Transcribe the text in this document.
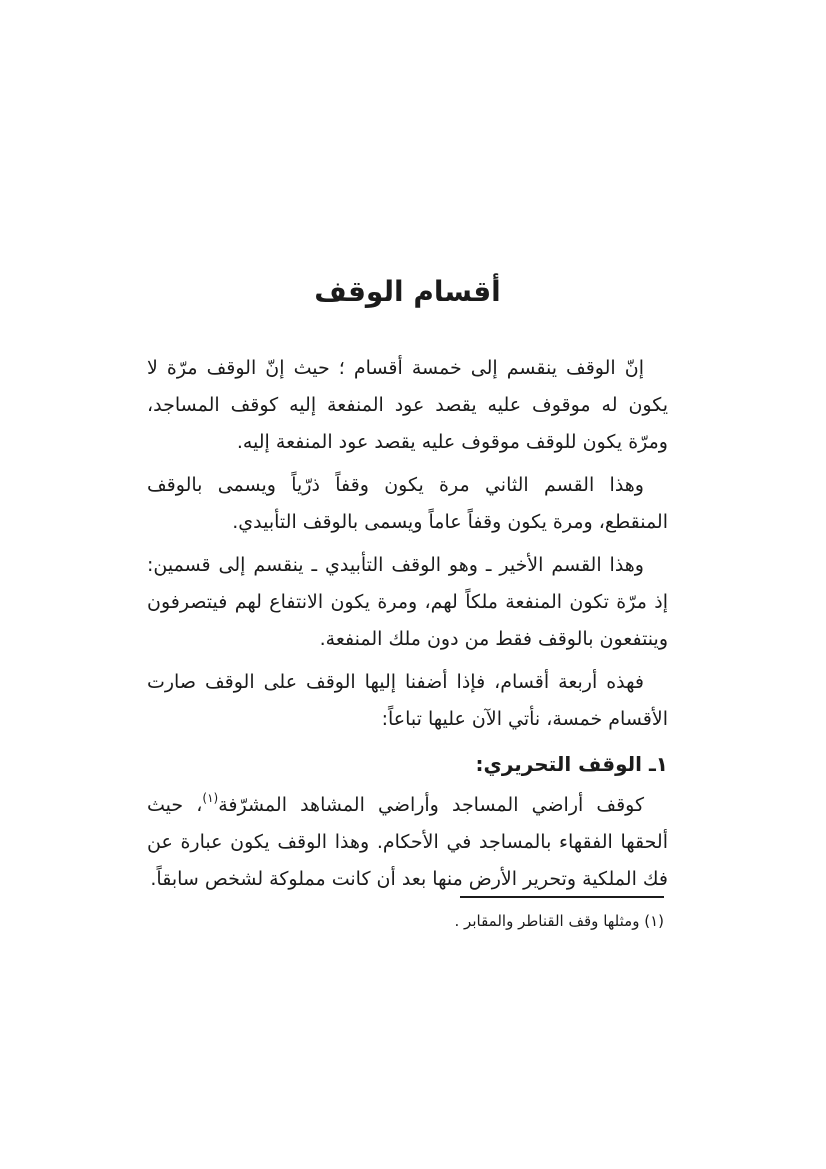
أقسام الوقف

إنّ الوقف ينقسم إلى خمسة أقسام ؛ حيث إنّ الوقف مرّة لا يكون له موقوف عليه يقصد عود المنفعة إليه كوقف المساجد، ومرّة يكون للوقف موقوف عليه يقصد عود المنفعة إليه.

وهذا القسم الثاني مرة يكون وقفاً ذرّياً ويسمى بالوقف المنقطع، ومرة يكون وقفاً عاماً ويسمى بالوقف التأبيدي.

وهذا القسم الأخير ـ وهو الوقف التأبيدي ـ ينقسم إلى قسمين: إذ مرّة تكون المنفعة ملكاً لهم، ومرة يكون الانتفاع لهم فيتصرفون وينتفعون بالوقف فقط من دون ملك المنفعة.

فهذه أربعة أقسام، فإذا أضفنا إليها الوقف على الوقف صارت الأقسام خمسة، نأتي الآن عليها تباعاً:

١ـ الوقف التحريري:

كوقف أراضي المساجد وأراضي المشاهد المشرّفة$^{(١)}$، حيث ألحقها الفقهاء بالمساجد في الأحكام. وهذا الوقف يكون عبارة عن فك الملكية وتحرير الأرض منها بعد أن كانت مملوكة لشخص سابقاً.

(١) ومثلها وقف القناطر والمقابر .
